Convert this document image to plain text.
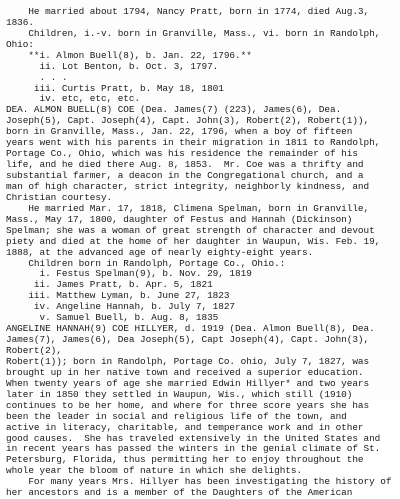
He married about 1794, Nancy Pratt, born in 1774, died Aug.3,
1836.
Children, i.-v. born in Granville, Mass., vi. born in Randolph,
Ohio:
**i. Almon Buell(8), b. Jan. 22, 1796.**
ii. Lot Benton, b. Oct. 3, 1797.
. . .
iii. Curtis Pratt, b. May 18, 1801
iv. etc, etc, etc.
DEA. ALMON BUELL(8) COE (Dea. James(7) (223), James(6), Dea.
Joseph(5), Capt. Joseph(4), Capt. John(3), Robert(2), Robert(1)),
born in Granville, Mass., Jan. 22, 1796, when a boy of fifteen
years went with his parents in their migration in 1811 to Randolph,
Portage Co., Ohio, which was his residence the remainder of his
life, and he died there Aug. 8, 1853.  Mr. Coe was a thrifty and
substantial farmer, a deacon in the Congregational church, and a
man of high character, strict integrity, neighborly kindness, and
Christian courtesy.
He married Mar. 17, 1818, Climena Spelman, born in Granville,
Mass., May 17, 1800, daughter of Festus and Hannah (Dickinson)
Spelman; she was a woman of great strength of character and devout
piety and died at the home of her daughter in Waupun, Wis. Feb. 19,
1888, at the advanced age of nearly eighty-eight years.
Children born in Randolph, Portage Co., Ohio.:
i. Festus Spelman(9), b. Nov. 29, 1819
ii. James Pratt, b. Apr. 5, 1821
iii. Matthew Lyman, b. June 27, 1823
iv. Angeline Hannah, b. July 7, 1827
v. Samuel Buell, b. Aug. 8, 1835
ANGELINE HANNAH(9) COE HILLYER, d. 1919 (Dea. Almon Buell(8), Dea.
James(7), James(6), Dea Joseph(5), Capt Joseph(4), Capt. John(3),
Robert(2),
Robert(1)); born in Randolph, Portage Co. ohio, July 7, 1827, was
brought up in her native town and received a superior education.
When twenty years of age she married Edwin Hillyer* and two years
later in 1850 they settled in Waupun, Wis., which still (1910)
continues to be her home, and where for three score years she has
been the leader in social and religious life of the town, and
active in literacy, charitable, and temperance work and in other
good causes.  She has traveled extensively in the United States and
in recent years has passed the winters in the genial climate of St.
Petersburg, Florida, thus permitting her to enjoy throughout the
whole year the bloom of nature in which she delights.
For many years Mrs. Hillyer has been investigating the history of
her ancestors and is a member of the Daughters of the American
